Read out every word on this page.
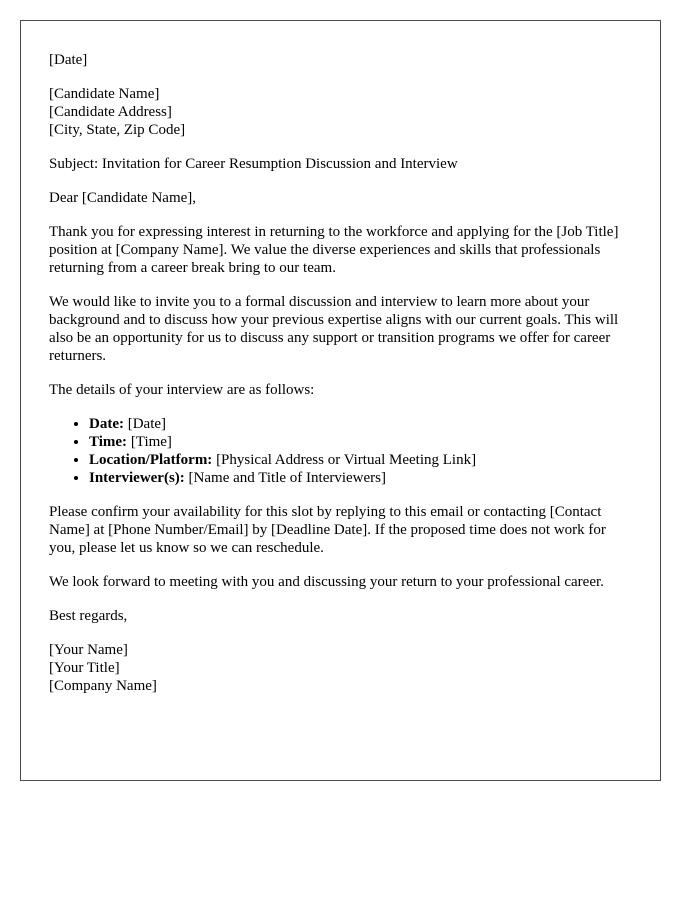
[Date]

[Candidate Name]

[Candidate Address]

[City, State, Zip Code]

Subject: Invitation for Career Resumption Discussion and Interview

Dear [Candidate Name],

Thank you for expressing interest in returning to the workforce and applying for the [Job Title] position at [Company Name]. We value the diverse experiences and skills that professionals returning from a career break bring to our team.

We would like to invite you to a formal discussion and interview to learn more about your background and to discuss how your previous expertise aligns with our current goals. This will also be an opportunity for us to discuss any support or transition programs we offer for career returners.

The details of your interview are as follows:

• Date: [Date]
• Time: [Time]
• Location/Platform: [Physical Address or Virtual Meeting Link]
• Interviewer(s): [Name and Title of Interviewers]

Please confirm your availability for this slot by replying to this email or contacting [Contact Name] at [Phone Number/Email] by [Deadline Date]. If the proposed time does not work for you, please let us know so we can reschedule.

We look forward to meeting with you and discussing your return to your professional career.

Best regards,

[Your Name]

[Your Title]

[Company Name]
